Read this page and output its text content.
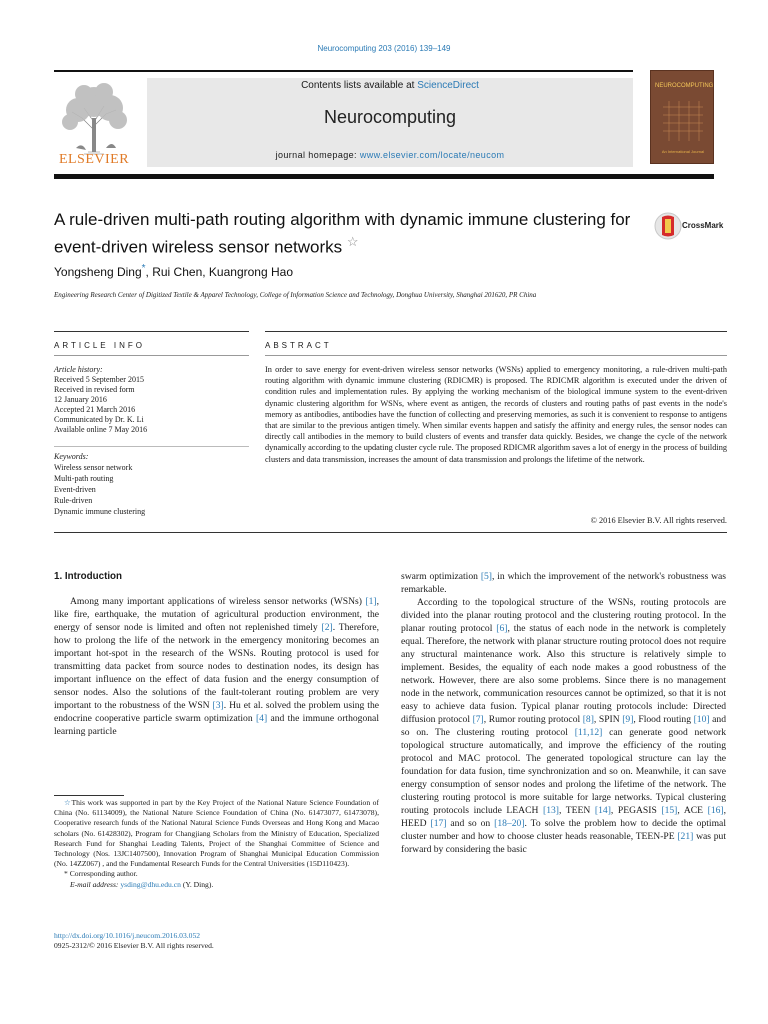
Neurocomputing 203 (2016) 139–149
ELSEVIER
Contents lists available at ScienceDirect
Neurocomputing
journal homepage: www.elsevier.com/locate/neucom
NEUROCOMPUTING
An International Journal
A rule-driven multi-path routing algorithm with dynamic immune clustering for event-driven wireless sensor networks ☆
CrossMark
Yongsheng Ding*, Rui Chen, Kuangrong Hao
Engineering Research Center of Digitized Textile & Apparel Technology, College of Information Science and Technology, Donghua University, Shanghai 201620, PR China
ARTICLE INFO	ABSTRACT
Article history:
Received 5 September 2015
Received in revised form
12 January 2016
Accepted 21 March 2016
Communicated by Dr. K. Li
Available online 7 May 2016
Keywords:
Wireless sensor network
Multi-path routing
Event-driven
Rule-driven
Dynamic immune clustering
In order to save energy for event-driven wireless sensor networks (WSNs) applied to emergency monitoring, a rule-driven multi-path routing algorithm with dynamic immune clustering (RDICMR) is proposed. The RDICMR algorithm is executed under the driven of condition rules and implementation rules. By applying the working mechanism of the biological immune system to the event-driven dynamic clustering algorithm for WSNs, where event as antigen, the records of clusters and routing paths of past events in the node's memory as antibodies, antibodies have the function of collecting and preserving memories, as such it is convenient to response to antigens that are similar to the previous antigen timely. When similar events happen and satisfy the affinity and energy rules, the sensor nodes can directly call antibodies in the memory to build clusters of events and transfer data quickly. Besides, we change the cycle of the network dynamically according to the updating cluster cycle rule. The proposed RDICMR algorithm saves a lot of energy in the process of building clusters and data transmission, increases the amount of data transmission and prolongs the lifetime of the network.
© 2016 Elsevier B.V. All rights reserved.
1. Introduction
Among many important applications of wireless sensor networks (WSNs) [1], like fire, earthquake, the mutation of agricultural production environment, the energy of sensor node is limited and often not replenished timely [2]. Therefore, how to prolong the life of the network in the emergency monitoring becomes an important hot-spot in the research of the WSNs. Routing protocol is used for transmitting data packet from source nodes to destination nodes, its design has important influence on the effect of data fusion and the energy consumption of sensor nodes. Also the solutions of the fault-tolerant routing problem are very important to the robustness of the WSN [3]. Hu et al. solved the problem using the endocrine cooperative particle swarm optimization [4] and the immune orthogonal learning particle
☆This work was supported in part by the Key Project of the National Nature Science Foundation of China (No. 61134009), the National Nature Science Foundation of China (No. 61473077, 61473078), Cooperative research funds of the National Natural Science Funds Overseas and Hong Kong and Macao scholars (No. 61428302), Program for Changjiang Scholars from the Ministry of Education, Specialized Research Fund for Shanghai Leading Talents, Project of the Shanghai Committee of Science and Technology (Nos. 13JC1407500), Innovation Program of Shanghai Municipal Education Commission (No. 14ZZ067) , and the Fundamental Research Funds for the Central Universities (15D110423).
* Corresponding author.
E-mail address: ysding@dhu.edu.cn (Y. Ding).
http://dx.doi.org/10.1016/j.neucom.2016.03.052
0925-2312/© 2016 Elsevier B.V. All rights reserved.
swarm optimization [5], in which the improvement of the network's robustness was remarkable.
According to the topological structure of the WSNs, routing protocols are divided into the planar routing protocol and the clustering routing protocol. In the planar routing protocol [6], the status of each node in the network is completely equal. Therefore, the network with planar structure routing protocol does not require any structural maintenance work. Also this structure is relatively simple to implement. Besides, the equality of each node makes a good robustness of the network. However, there are also some problems. Since there is no management node in the network, communication resources cannot be optimized, so that it is not easy to achieve data fusion. Typical planar routing protocols include: Directed diffusion protocol [7], Rumor routing protocol [8], SPIN [9], Flood routing [10] and so on. The clustering routing protocol [11,12] can generate good network topological structure automatically, and improve the efficiency of the routing protocol and MAC protocol. The generated topological structure can lay the foundation for data fusion, time synchronization and so on. Meanwhile, it can save energy consumption of sensor nodes and prolong the lifetime of the network. The clustering routing protocol is more suitable for large networks. Typical clustering routing protocols include LEACH [13], TEEN [14], PEGASIS [15], ACE [16], HEED [17] and so on [18–20]. To solve the problem how to decide the optimal cluster number and how to choose cluster heads reasonable, TEEN-PE [21] was put forward by considering the basic
